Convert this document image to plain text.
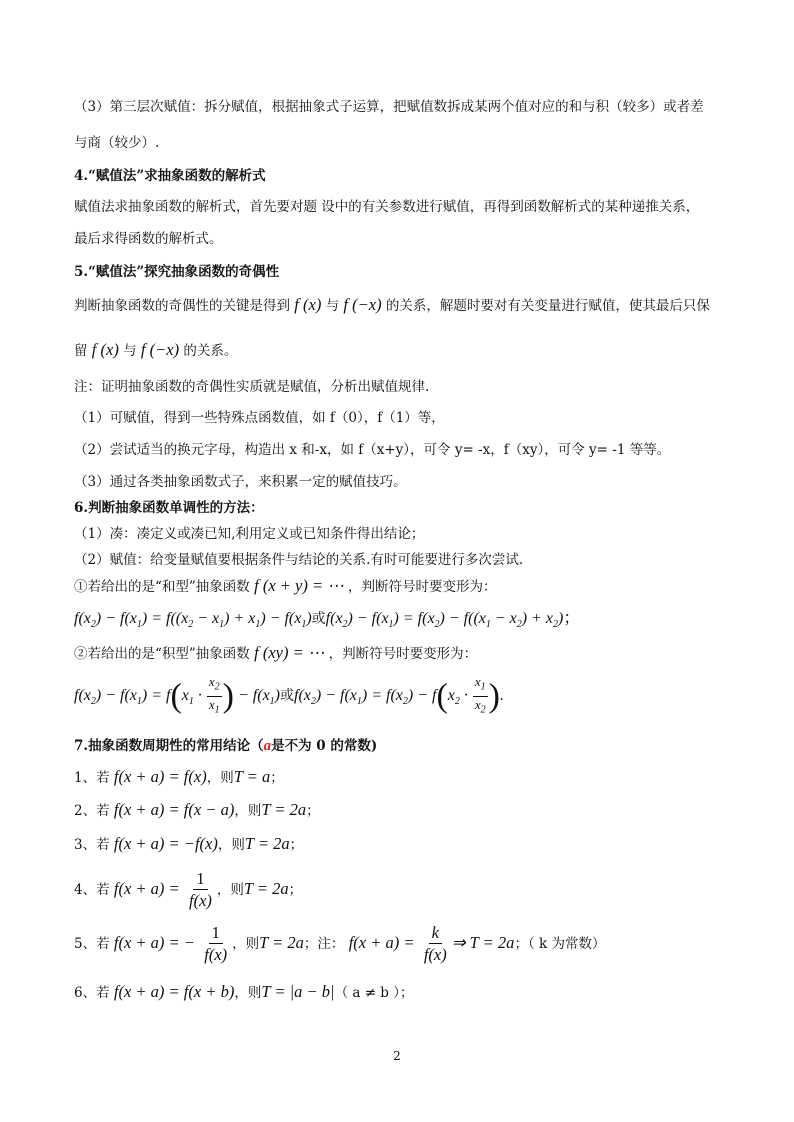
（3）第三层次赋值：拆分赋值，根据抽象式子运算，把赋值数拆成某两个值对应的和与积（较多）或者差
与商（较少）.
4.“赋值法”求抽象函数的解析式
赋值法求抽象函数的解析式，首先要对题 设中的有关参数进行赋值，再得到函数解析式的某种递推关系，
最后求得函数的解析式。
5.“赋值法”探究抽象函数的奇偶性
判断抽象函数的奇偶性的关键是得到 f (x) 与 f (−x) 的关系，解题时要对有关变量进行赋值，使其最后只保
留 f (x) 与 f (−x) 的关系。
注：证明抽象函数的奇偶性实质就是赋值，分析出赋值规律.
（1）可赋值，得到一些特殊点函数值，如 f（0），f（1）等，
（2）尝试适当的换元字母，构造出 x 和-x，如 f（x+y），可令 y= -x，f（xy），可令 y= -1 等等。
（3）通过各类抽象函数式子，来积累一定的赋值技巧。
6.判断抽象函数单调性的方法：
（1）凑：凑定义或凑已知,利用定义或已知条件得出结论；
（2）赋值：给变量赋值要根据条件与结论的关系.有时可能要进行多次尝试.
①若给出的是“和型”抽象函数 f (x + y) = ⋯ ，判断符号时要变形为：
$f(x_2) - f(x_1) = f((x_2 - x_1) + x_1) - f(x_1)$或$f(x_2) - f(x_1) = f(x_2) - f((x_1 - x_2) + x_2)$；
②若给出的是“积型”抽象函数 f (xy) = ⋯ ，判断符号时要变形为：
$f(x_2) - f(x_1) = f(x_1 \cdot \frac{x_2}{x_1}$ ) − $f(x_1)$或$f(x_2) - f(x_1) = f(x_2) - f(x_2 \cdot \frac{x_1}{x_2}$ ).
7.抽象函数周期性的常用结论（a是不为 0 的常数)
1、若 f(x + a) = f(x)，则T = a；
2、若 f(x + a) = f(x − a)，则T = 2a；
3、若 f(x + a) = −f(x)，则T = 2a；
4、若 $f(x + a) = \frac{1}{f(x)}$ ，则T = 2a；
5、若 f(x + a) = − $\frac{1}{f(x)}$ ，则T = 2a；注： $f(x + a) = \frac{k}{f(x)}$ ⇒ T = 2a；（ k 为常数）
6、若 f(x + a) = f(x + b)，则T = |a − b|（ a ≠ b ）；
2
